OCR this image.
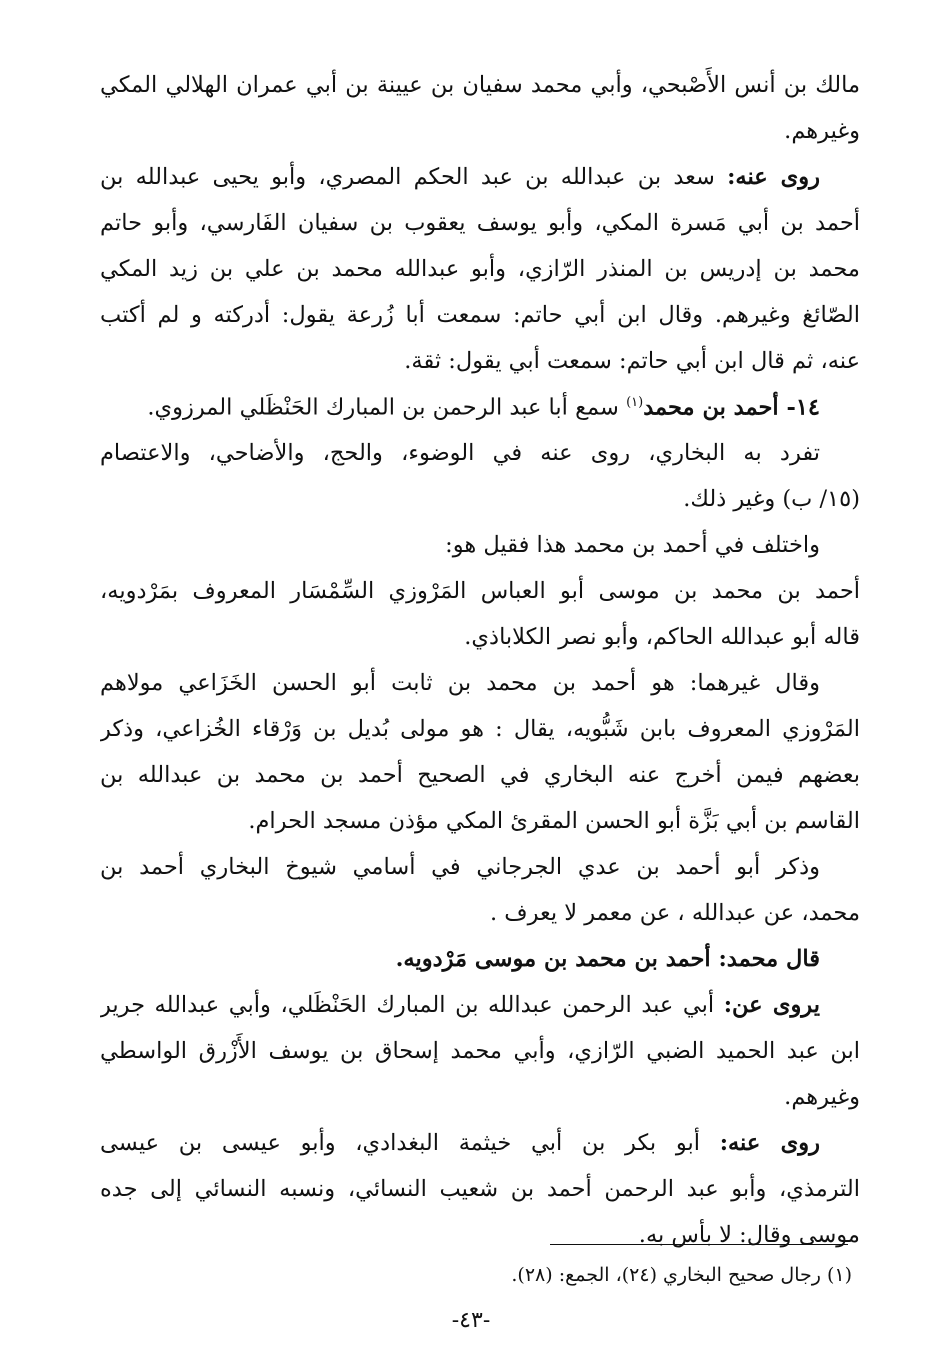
مالك بن أنس الأَصْبحي، وأبي محمد سفيان بن عيينة بن أبي عمران الهلالي المكي
وغيرهم.
روى عنه: سعد بن عبدالله بن عبد الحكم المصري، وأبو يحيى عبدالله بن
أحمد بن أبي مَسرة المكي، وأبو يوسف يعقوب بن سفيان الفَارسي، وأبو حاتم
محمد بن إدريس بن المنذر الرّازي، وأبو عبدالله محمد بن علي بن زيد المكي
الصّائغ وغيرهم. وقال ابن أبي حاتم: سمعت أبا زُرعة يقول: أدركته و لم أكتب
عنه، ثم قال ابن أبي حاتم: سمعت أبي يقول: ثقة.
١٤- أحمد بن محمد$^{(١)}$ سمع أبا عبد الرحمن بن المبارك الحَنْظَلي المرزوي.
تفرد به البخاري، روى عنه في الوضوء، والحج، والأضاحي، والاعتصام
(١٥/ ب) وغير ذلك.
واختلف في أحمد بن محمد هذا فقيل هو:
أحمد بن محمد بن موسى أبو العباس المَرْوزي السِّمْسَار المعروف بمَرْدويه،
قاله أبو عبدالله الحاكم، وأبو نصر الكلاباذي.
وقال غيرهما: هو أحمد بن محمد بن ثابت أبو الحسن الخَزَاعي مولاهم
المَرْوزي المعروف بابن شَبُّويه، يقال : هو مولى بُديل بن وَرْقاء الخُزاعي، وذكر
بعضهم فيمن أخرج عنه البخاري في الصحيح أحمد بن محمد بن عبدالله بن
القاسم بن أبي بَزَّة أبو الحسن المقرئ المكي مؤذن مسجد الحرام.
وذكر أبو أحمد بن عدي الجرجاني في أسامي شيوخ البخاري أحمد بن
محمد، عن عبدالله ، عن معمر لا يعرف .
قال محمد: أحمد بن محمد بن موسى مَرْدويه.
يروى عن: أبي عبد الرحمن عبدالله بن المبارك الحَنْظَلي، وأبي عبدالله جرير
ابن عبد الحميد الضبي الرّازي، وأبي محمد إسحاق بن يوسف الأَزْرق الواسطي
وغيرهم.
روى عنه: أبو بكر بن أبي خيثمة البغدادي، وأبو عيسى بن عيسى
الترمذي، وأبو عبد الرحمن أحمد بن شعيب النسائي، ونسبه النسائي إلى جده
موسى وقال: لا بأس به.
(١) رجال صحيح البخاري (٢٤)، الجمع: (٢٨).
-٤٣-
